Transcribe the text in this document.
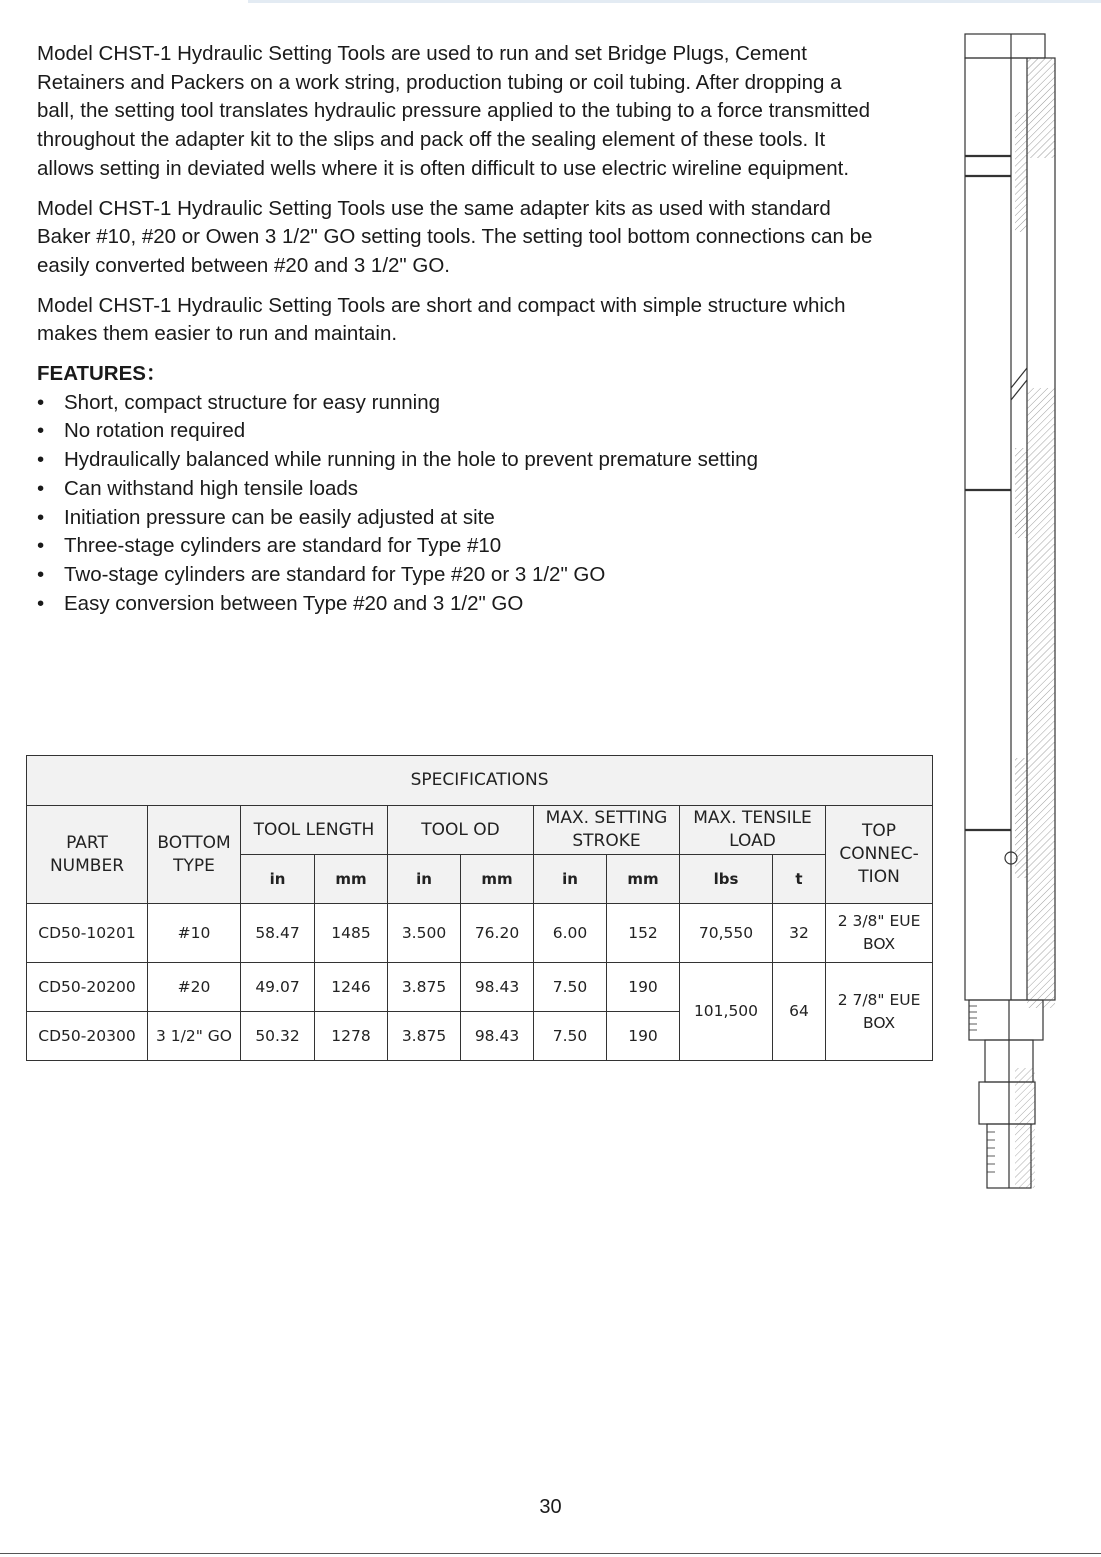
Model CHST-1 Hydraulic Setting Tools are used to run and set Bridge Plugs, Cement Retainers and Packers on a work string, production tubing or coil tubing. After dropping a ball, the setting tool translates hydraulic pressure applied to the tubing to a force transmitted throughout the adapter kit to the slips and pack off the sealing element of these tools. It allows setting in deviated wells where it is often difficult to use electric wireline equipment.

Model CHST-1 Hydraulic Setting Tools use the same adapter kits as used with standard Baker #10, #20 or Owen 3 1/2" GO setting tools. The setting tool bottom connections can be easily converted between #20 and 3 1/2" GO.

Model CHST-1 Hydraulic Setting Tools are short and compact with simple structure which makes them easier to run and maintain.

FEATURES：
• Short, compact structure for easy running
• No rotation required
• Hydraulically balanced while running in the hole to prevent premature setting
• Can withstand high tensile loads
• Initiation pressure can be easily adjusted at site
• Three-stage cylinders are standard for Type #10
• Two-stage cylinders are standard for Type #20 or 3 1/2" GO
• Easy conversion between Type #20 and 3 1/2" GO
SPECIFICATIONS										
PART NUMBER	BOTTOM TYPE	TOOL LENGTH		TOOL OD		MAX. SETTING STROKE		MAX. TENSILE LOAD		TOP CONNEC-TION
		in	mm	in	mm	in	mm	lbs	t	
CD50-10201	#10	58.47	1485	3.500	76.20	6.00	152	70,550	32	2 3/8" EUE BOX
CD50-20200	#20	49.07	1246	3.875	98.43	7.50	190	101,500	64	2 7/8" EUE BOX
CD50-20300	3 1/2" GO	50.32	1278	3.875	98.43	7.50	190			
30
